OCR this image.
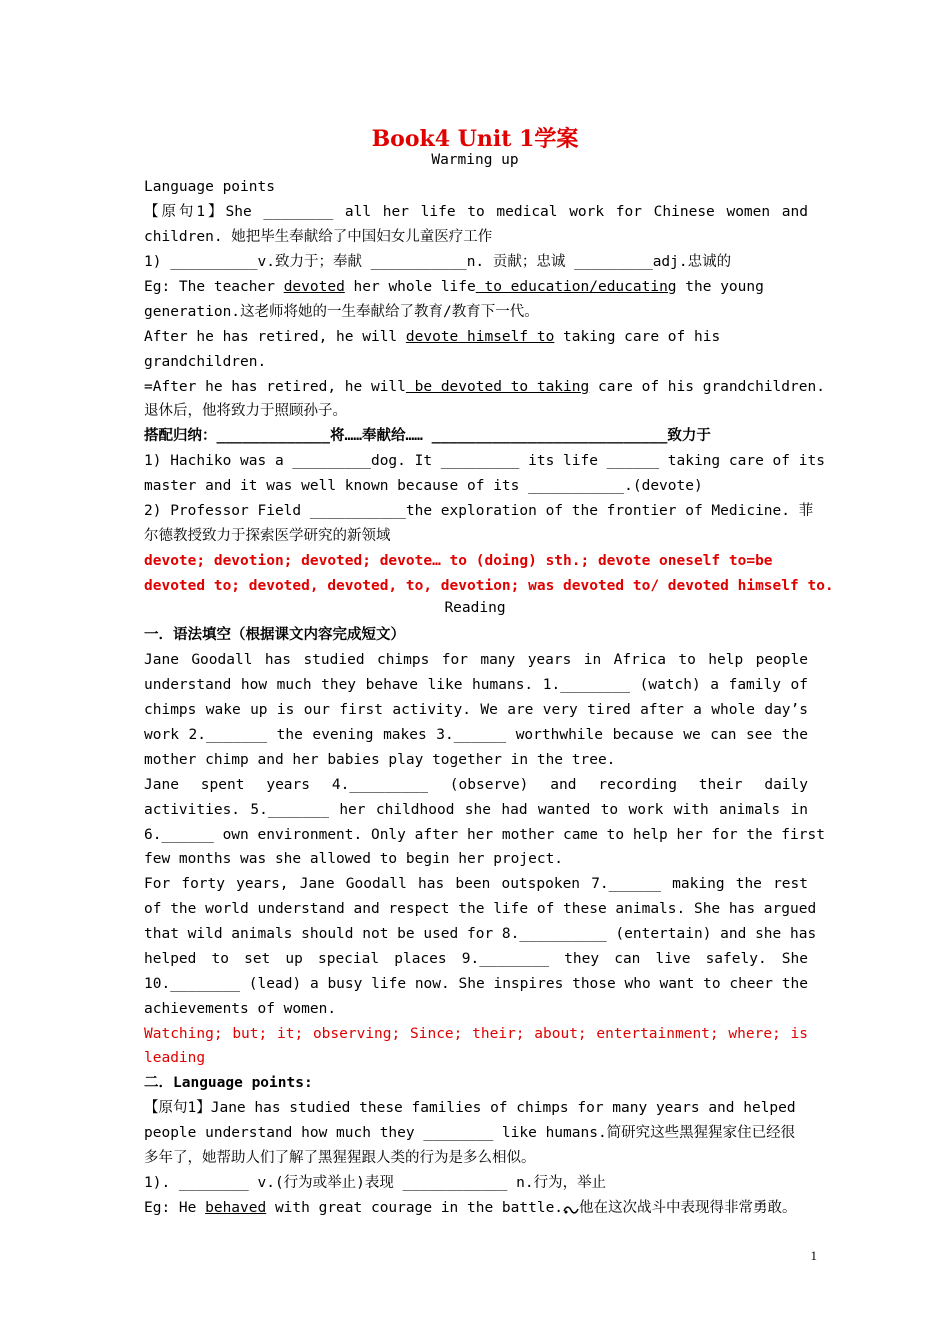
Book4 Unit 1学案
Warming up
Language points
【原句1】She ________ all her life to medical work for Chinese women and
children. 她把毕生奉献给了中国妇女儿童医疗工作
1) __________v.致力于；奉献 ___________n. 贡献；忠诚 _________adj.忠诚的
Eg: The teacher devoted her whole life to education/educating the young
generation.这老师将她的一生奉献给了教育/教育下一代。
After he has retired, he will devote himself to taking care of his
grandchildren.
=After he has retired, he will be devoted to taking care of his grandchildren.
退休后，他将致力于照顾孙子。
搭配归纳：_____________将……奉献给…… ___________________________致力于
1) Hachiko was a _________dog. It _________ its life ______ taking care of its
master and it was well known because of its ___________.(devote)
2) Professor Field ___________the exploration of the frontier of Medicine. 菲
尔德教授致力于探索医学研究的新领域
devote; devotion; devoted; devote… to (doing) sth.; devote oneself to=be
devoted to; devoted, devoted, to, devotion; was devoted to/ devoted himself to.
Reading
一．语法填空（根据课文内容完成短文）
Jane Goodall has studied chimps for many years in Africa to help people
understand how much they behave like humans. 1.________ (watch) a family of
chimps wake up is our first activity. We are very tired after a whole day’s
work 2._______ the evening makes 3.______ worthwhile because we can see the
mother chimp and her babies play together in the tree.
Jane spent years 4._________ (observe) and recording their daily
activities. 5._______ her childhood she had wanted to work with animals in
6.______ own environment. Only after her mother came to help her for the first
few months was she allowed to begin her project.
For forty years, Jane Goodall has been outspoken 7.______ making the rest
of the world understand and respect the life of these animals. She has argued
that wild animals should not be used for 8.__________ (entertain) and she has
helped to set up special places 9.________ they can live safely. She
10.________ (lead) a busy life now. She inspires those who want to cheer the
achievements of women.
Watching; but; it; observing; Since; their; about; entertainment; where; is
leading
二．Language points:
【原句1】Jane has studied these families of chimps for many years and helped
people understand how much they ________ like humans.简研究这些黑猩猩家住已经很
多年了，她帮助人们了解了黑猩猩跟人类的行为是多么相似。
1). ________ v.(行为或举止)表现 ____________ n.行为，举止
Eg: He behaved with great courage in the battle. 他在这次战斗中表现得非常勇敢。
1
